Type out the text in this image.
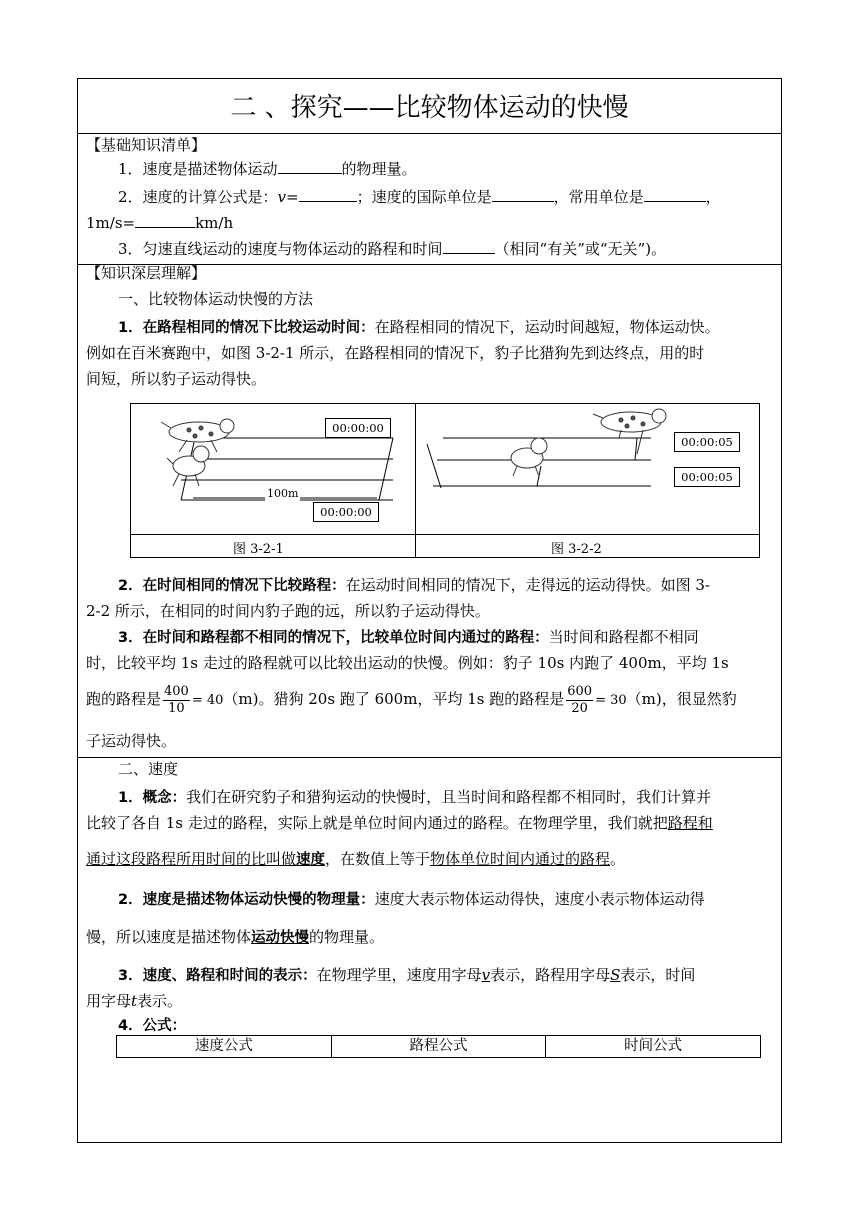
二 、探究——比较物体运动的快慢
【基础知识清单】
1．速度是描述物体运动	的物理量。
2．速度的计算公式是：v=	；速度的国际单位是	，常用单位是	，
1m/s=	km/h
3．匀速直线运动的速度与物体运动的路程和时间	（相同“有关”或“无关”)。
【知识深层理解】
一、比较物体运动快慢的方法
1．在路程相同的情况下比较运动时间：在路程相同的情况下，运动时间越短，物体运动快。
例如在百米赛跑中，如图 3-2-1 所示，在路程相同的情况下，豹子比猎狗先到达终点，用的时
间短，所以豹子运动得快。
00:00:00
00:00:00
100m
00:00:05
00:00:05
图 3-2-1	图 3-2-2
2．在时间相同的情况下比较路程：在运动时间相同的情况下，走得远的运动得快。如图 3-
2-2 所示，在相同的时间内豹子跑的远，所以豹子运动得快。
3．在时间和路程都不相同的情况下，比较单位时间内通过的路程：当时间和路程都不相同
时，比较平均 1s 走过的路程就可以比较出运动的快慢。例如：豹子 10s 内跑了 400m，平均 1s
跑的路程是 $\frac{400}{10} = 40(m)$。猎狗 20s 跑了 600m，平均 1s 跑的路程是 $\frac{600}{20} = 30(m)$，很显然豹
子运动得快。
二、速度
1．概念：我们在研究豹子和猎狗运动的快慢时，且当时间和路程都不相同时，我们计算并
比较了各自 1s 走过的路程，实际上就是单位时间内通过的路程。在物理学里，我们就把路程和
通过这段路程所用时间的比叫做速度，在数值上等于物体单位时间内通过的路程。
2．速度是描述物体运动快慢的物理量：速度大表示物体运动得快，速度小表示物体运动得
慢，所以速度是描述物体运动快慢的物理量。
3．速度、路程和时间的表示：在物理学里，速度用字母v表示，路程用字母S表示，时间
用字母t表示。
4．公式：
速度公式	路程公式	时间公式
